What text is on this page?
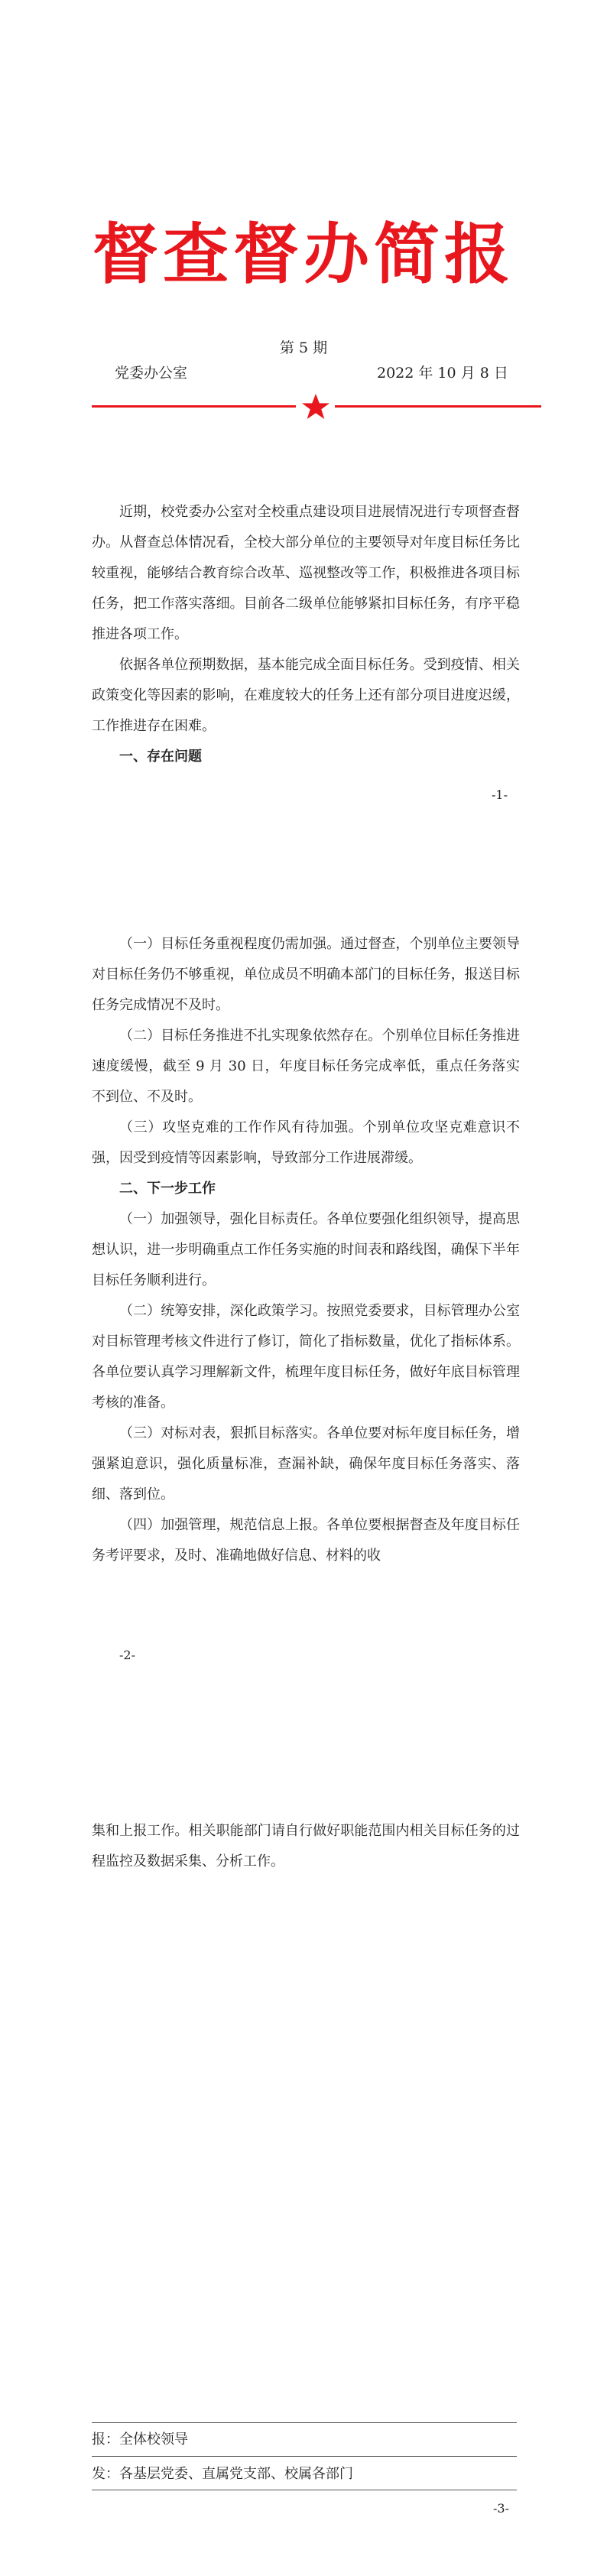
督查督办简报
第 5 期
党委办公室	2022 年 10 月 8 日

近期，校党委办公室对全校重点建设项目进展情况进行专项督查督办。从督查总体情况看，全校大部分单位的主要领导对年度目标任务比较重视，能够结合教育综合改革、巡视整改等工作，积极推进各项目标任务，把工作落实落细。目前各二级单位能够紧扣目标任务，有序平稳推进各项工作。

依据各单位预期数据，基本能完成全面目标任务。受到疫情、相关政策变化等因素的影响，在难度较大的任务上还有部分项目进度迟缓，工作推进存在困难。

一、存在问题

-1-

（一）目标任务重视程度仍需加强。通过督查，个别单位主要领导对目标任务仍不够重视，单位成员不明确本部门的目标任务，报送目标任务完成情况不及时。

（二）目标任务推进不扎实现象依然存在。个别单位目标任务推进速度缓慢，截至 9 月 30 日，年度目标任务完成率低，重点任务落实不到位、不及时。

（三）攻坚克难的工作作风有待加强。个别单位攻坚克难意识不强，因受到疫情等因素影响，导致部分工作进展滞缓。

二、下一步工作

（一）加强领导，强化目标责任。各单位要强化组织领导，提高思想认识，进一步明确重点工作任务实施的时间表和路线图，确保下半年目标任务顺利进行。

（二）统筹安排，深化政策学习。按照党委要求，目标管理办公室对目标管理考核文件进行了修订，简化了指标数量，优化了指标体系。各单位要认真学习理解新文件，梳理年度目标任务，做好年底目标管理考核的准备。

（三）对标对表，狠抓目标落实。各单位要对标年度目标任务，增强紧迫意识，强化质量标准，查漏补缺，确保年度目标任务落实、落细、落到位。

（四）加强管理，规范信息上报。各单位要根据督查及年度目标任务考评要求，及时、准确地做好信息、材料的收

-2-

集和上报工作。相关职能部门请自行做好职能范围内相关目标任务的过程监控及数据采集、分析工作。

报：全体校领导
发：各基层党委、直属党支部、校属各部门
-3-
